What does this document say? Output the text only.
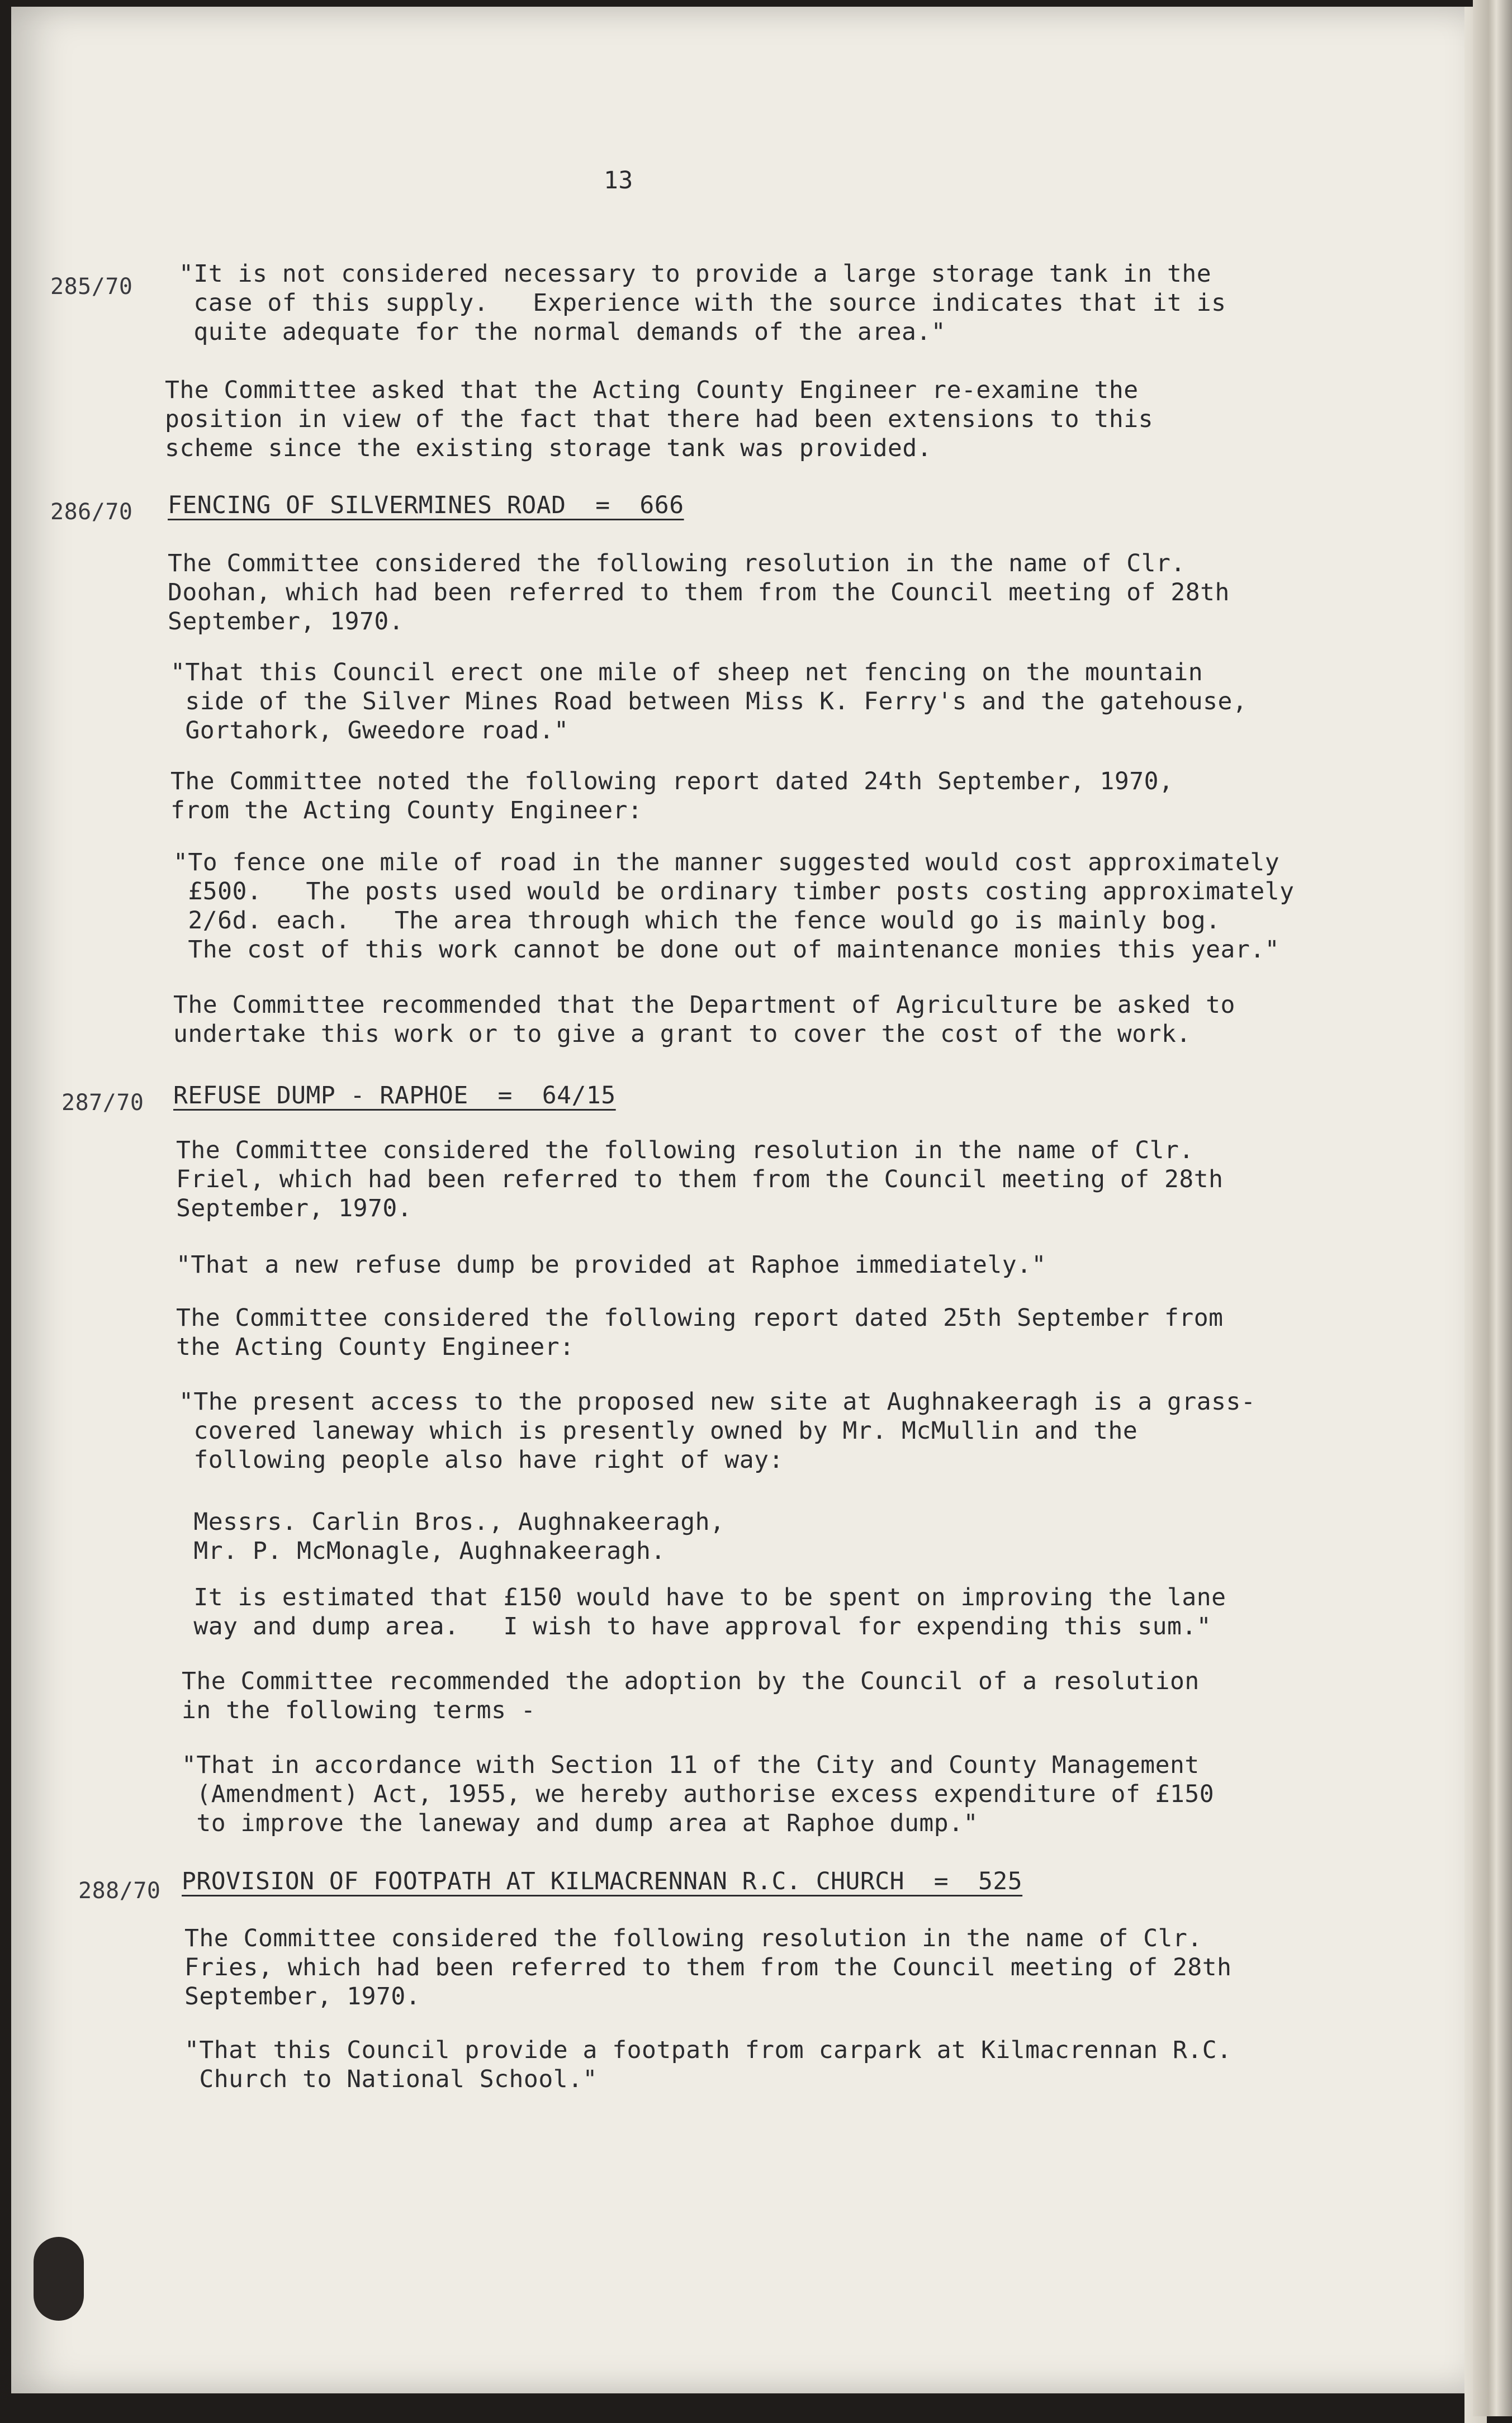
13
285/70 "It is not considered necessary to provide a large storage tank in the
case of this supply.   Experience with the source indicates that it is
quite adequate for the normal demands of the area."
The Committee asked that the Acting County Engineer re-examine the
position in view of the fact that there had been extensions to this
scheme since the existing storage tank was provided.
286/70 FENCING OF SILVERMINES ROAD  =  666
The Committee considered the following resolution in the name of Clr.
Doohan, which had been referred to them from the Council meeting of 28th
September, 1970.
"That this Council erect one mile of sheep net fencing on the mountain
side of the Silver Mines Road between Miss K. Ferry's and the gatehouse,
Gortahork, Gweedore road."
The Committee noted the following report dated 24th September, 1970,
from the Acting County Engineer:
"To fence one mile of road in the manner suggested would cost approximately
£500.   The posts used would be ordinary timber posts costing approximately
2/6d. each.   The area through which the fence would go is mainly bog.
The cost of this work cannot be done out of maintenance monies this year."
The Committee recommended that the Department of Agriculture be asked to
undertake this work or to give a grant to cover the cost of the work.
287/70 REFUSE DUMP - RAPHOE  =  64/15
The Committee considered the following resolution in the name of Clr.
Friel, which had been referred to them from the Council meeting of 28th
September, 1970.
"That a new refuse dump be provided at Raphoe immediately."
The Committee considered the following report dated 25th September from
the Acting County Engineer:
"The present access to the proposed new site at Aughnakeeragh is a grass-
covered laneway which is presently owned by Mr. McMullin and the
following people also have right of way:
Messrs. Carlin Bros., Aughnakeeragh,
Mr. P. McMonagle, Aughnakeeragh.
It is estimated that £150 would have to be spent on improving the lane
way and dump area.   I wish to have approval for expending this sum."
The Committee recommended the adoption by the Council of a resolution
in the following terms -
"That in accordance with Section 11 of the City and County Management
(Amendment) Act, 1955, we hereby authorise excess expenditure of £150
to improve the laneway and dump area at Raphoe dump."
288/70 PROVISION OF FOOTPATH AT KILMACRENNAN R.C. CHURCH  =  525
The Committee considered the following resolution in the name of Clr.
Fries, which had been referred to them from the Council meeting of 28th
September, 1970.
"That this Council provide a footpath from carpark at Kilmacrennan R.C.
Church to National School."
